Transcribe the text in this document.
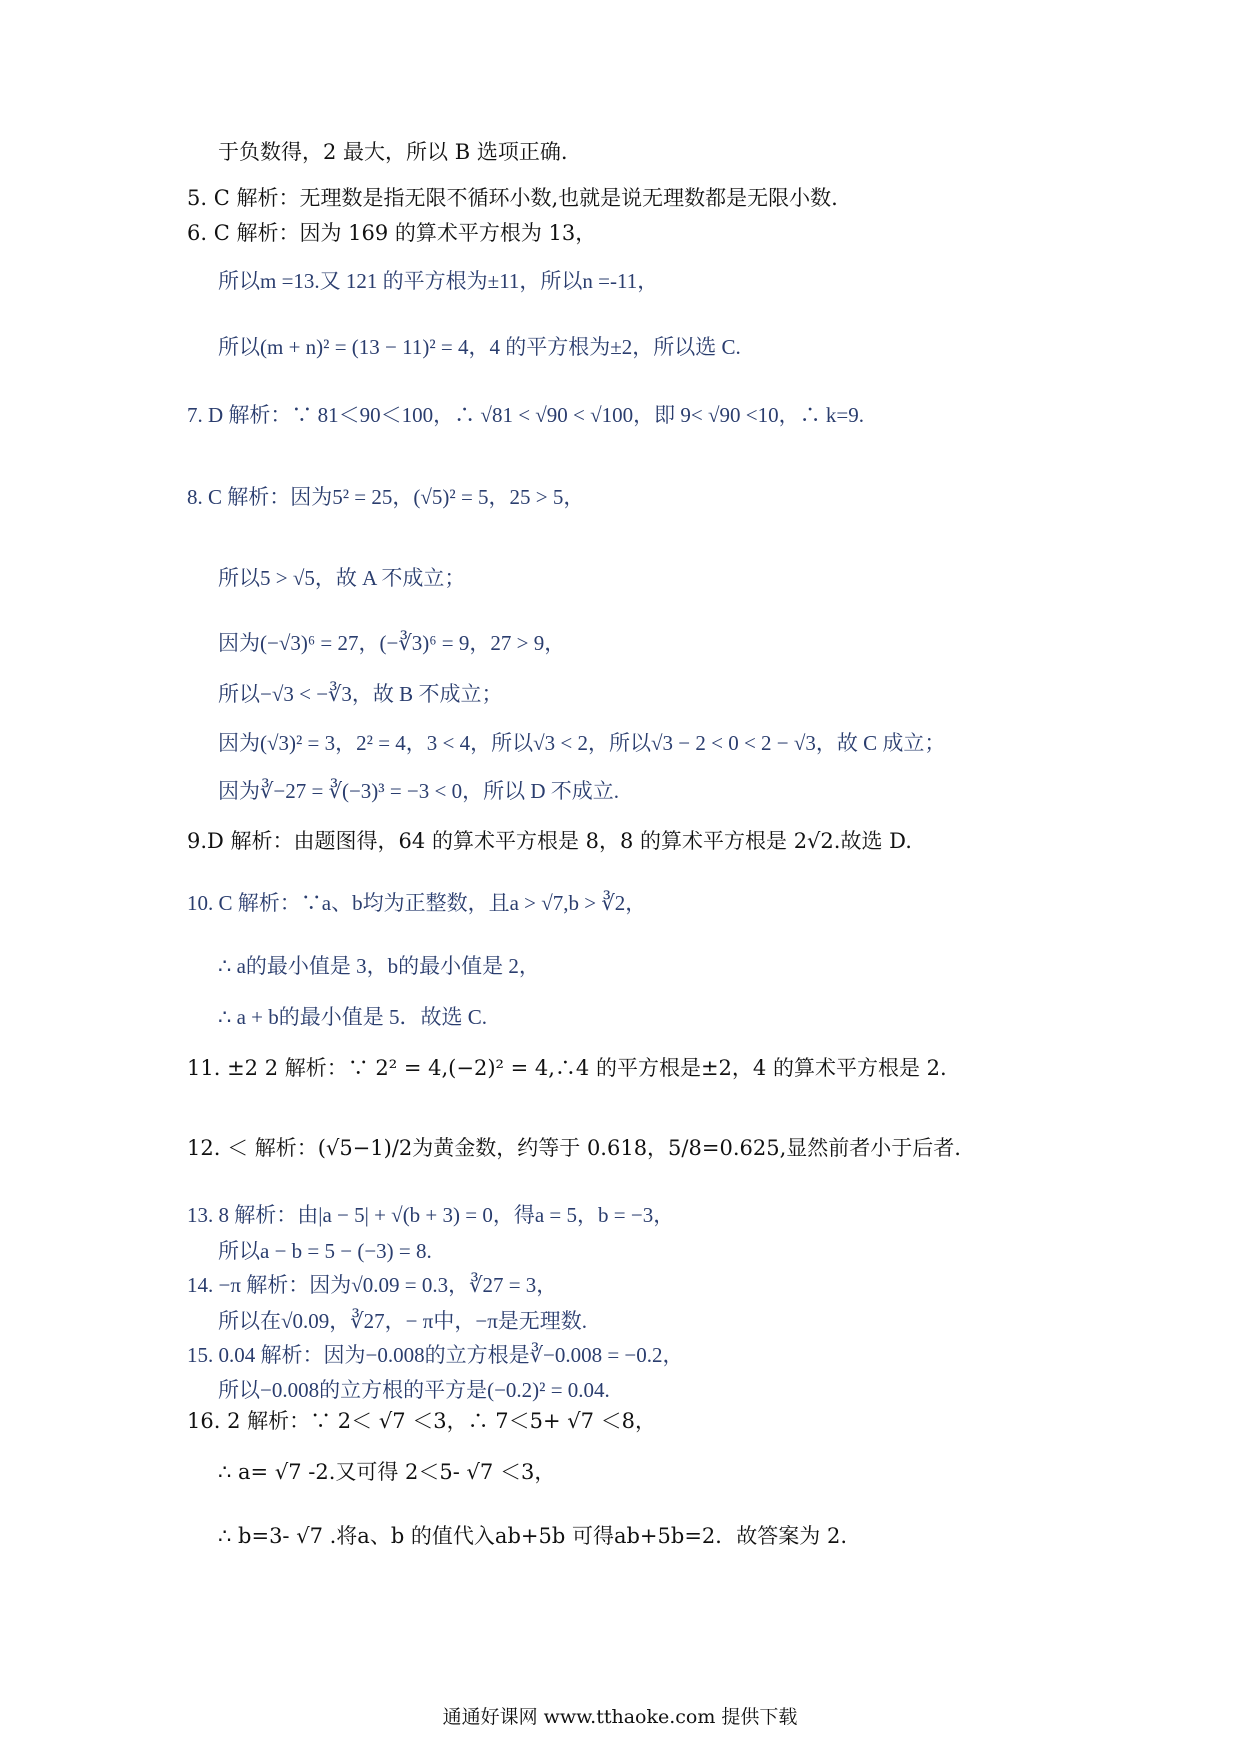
于负数得，2 最大，所以 B 选项正确.
5. C 解析：无理数是指无限不循环小数,也就是说无理数都是无限小数.
6. C 解析：因为 169 的算术平方根为 13，
所以m =13.又 121 的平方根为±11，所以n =-11，
所以(m + n)² = (13 − 11)² = 4，4 的平方根为±2，所以选 C.
7. D 解析：∵ 81＜90＜100，∴ √81 < √90 < √100，即 9< √90 <10，∴ k=9.
8. C 解析：因为5² = 25，(√5)² = 5，25 > 5，
所以5 > √5，故 A 不成立；
因为(−√3)⁶ = 27，(−∛3)⁶ = 9，27 > 9，
所以−√3 < −∛3，故 B 不成立；
因为(√3)² = 3，2² = 4，3 < 4，所以√3 < 2，所以√3 − 2 < 0 < 2 − √3，故 C 成立；
因为∛−27 = ∛(−3)³ = −3 < 0，所以 D 不成立.
9.D 解析：由题图得，64 的算术平方根是 8，8 的算术平方根是 2√2.故选 D.
10. C 解析：∵a、b均为正整数，且a > √7,b > ∛2，
∴ a的最小值是 3，b的最小值是 2，
∴ a + b的最小值是 5．故选 C.
11. ±2 2 解析：∵ 2² = 4,(−2)² = 4,∴4 的平方根是±2，4 的算术平方根是 2.
12. ＜ 解析：(√5−1)/2为黄金数，约等于 0.618，5/8=0.625,显然前者小于后者.
13. 8 解析：由|a − 5| + √(b + 3) = 0，得a = 5，b = −3，
所以a − b = 5 − (−3) = 8.
14. −π 解析：因为√0.09 = 0.3，∛27 = 3，
所以在√0.09，∛27，− π中，−π是无理数.
15. 0.04 解析：因为−0.008的立方根是∛−0.008 = −0.2，
所以−0.008的立方根的平方是(−0.2)² = 0.04.
16. 2 解析：∵ 2＜ √7 ＜3，∴ 7＜5+ √7 ＜8，
∴ a= √7 -2.又可得 2＜5- √7 ＜3，
∴ b=3- √7 .将a、b 的值代入ab+5b 可得ab+5b=2．故答案为 2.
通通好课网 www.tthaoke.com 提供下载
